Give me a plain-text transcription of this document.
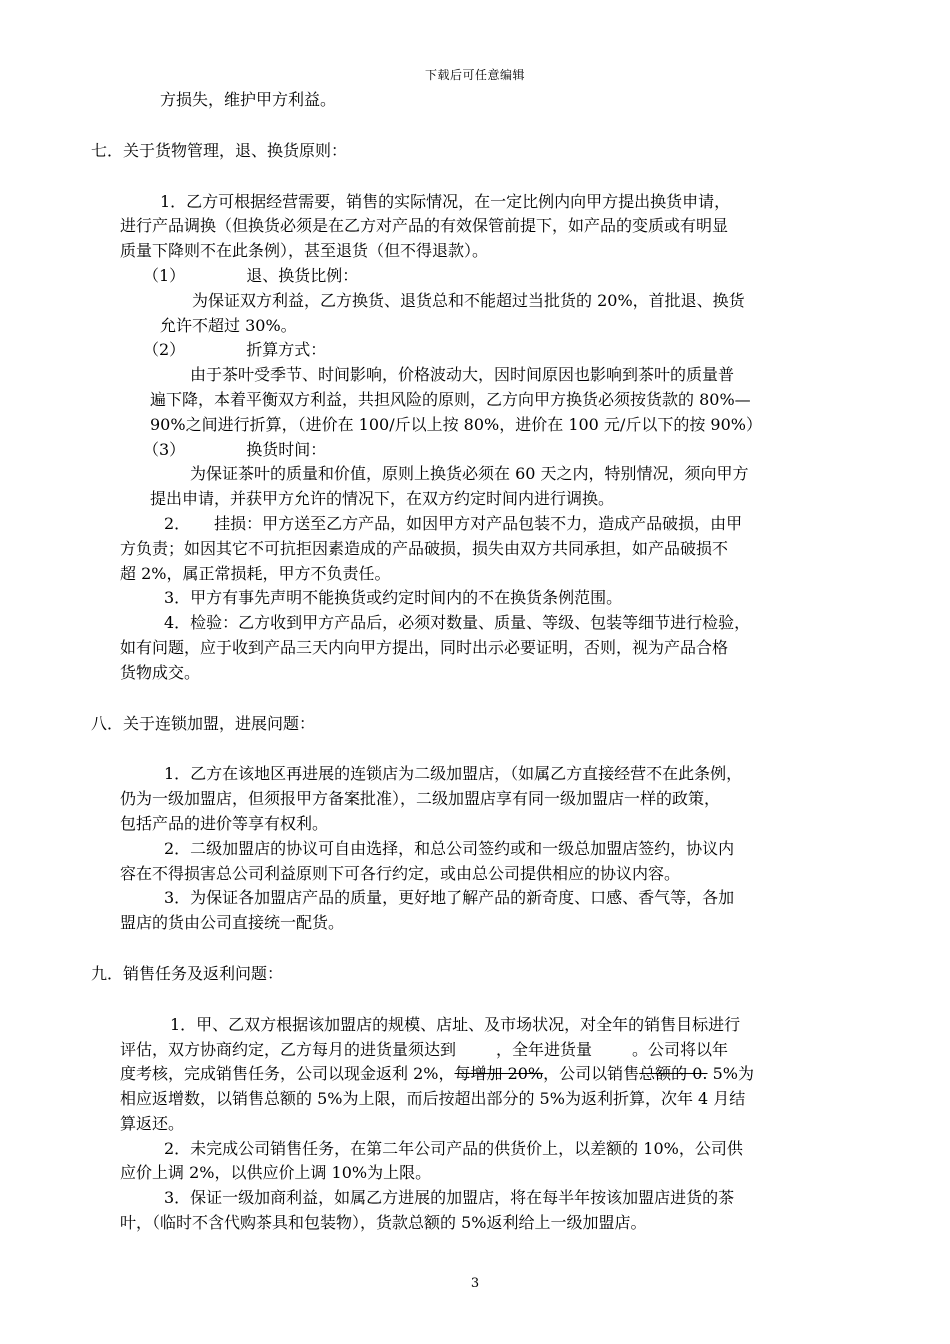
下载后可任意编辑

方损失，维护甲方利益。

七．关于货物管理，退、换货原则：

1．乙方可根据经营需要，销售的实际情况，在一定比例内向甲方提出换货申请，

进行产品调换（但换货必须是在乙方对产品的有效保管前提下，如产品的变质或有明显

质量下降则不在此条例），甚至退货（但不得退款）。

（1）	退、换货比例：

为保证双方利益，乙方换货、退货总和不能超过当批货的 20%，首批退、换货

允许不超过 30%。

（2）	折算方式：

由于茶叶受季节、时间影响，价格波动大，因时间原因也影响到茶叶的质量普

遍下降，本着平衡双方利益，共担风险的原则，乙方向甲方换货必须按货款的 80%—

90%之间进行折算，（进价在 100/斤以上按 80%，进价在 100 元/斤以下的按 90%）

（3）	换货时间：

为保证茶叶的质量和价值，原则上换货必须在 60 天之内，特别情况，须向甲方

提出申请，并获甲方允许的情况下，在双方约定时间内进行调换。

2．　　挂损：甲方送至乙方产品，如因甲方对产品包装不力，造成产品破损，由甲

方负责；如因其它不可抗拒因素造成的产品破损，损失由双方共同承担，如产品破损不

超 2%，属正常损耗，甲方不负责任。

3．甲方有事先声明不能换货或约定时间内的不在换货条例范围。

4．检验：乙方收到甲方产品后，必须对数量、质量、等级、包装等细节进行检验，

如有问题，应于收到产品三天内向甲方提出，同时出示必要证明，否则，视为产品合格

货物成交。

八．关于连锁加盟，进展问题：

1．乙方在该地区再进展的连锁店为二级加盟店，（如属乙方直接经营不在此条例，

仍为一级加盟店，但须报甲方备案批准），二级加盟店享有同一级加盟店一样的政策，

包括产品的进价等享有权利。

2．二级加盟店的协议可自由选择，和总公司签约或和一级总加盟店签约，协议内

容在不得损害总公司利益原则下可各行约定，或由总公司提供相应的协议内容。

3．为保证各加盟店产品的质量，更好地了解产品的新奇度、口感、香气等，各加

盟店的货由公司直接统一配货。

九．销售任务及返利问题：

1．甲、乙双方根据该加盟店的规模、店址、及市场状况，对全年的销售目标进行

评估，双方协商约定，乙方每月的进货量须达到	，全年进货量	。公司将以年

度考核，完成销售任务，公司以现金返利 2%，每增加 20%，公司以销售总额的 0. 5%为

相应返增数，以销售总额的 5%为上限，而后按超出部分的 5%为返利折算，次年 4 月结

算返还。

2．未完成公司销售任务，在第二年公司产品的供货价上，以差额的 10%，公司供

应价上调 2%，以供应价上调 10%为上限。

3．保证一级加商利益，如属乙方进展的加盟店，将在每半年按该加盟店进货的茶

叶，（临时不含代购茶具和包装物），货款总额的 5%返利给上一级加盟店。

3
